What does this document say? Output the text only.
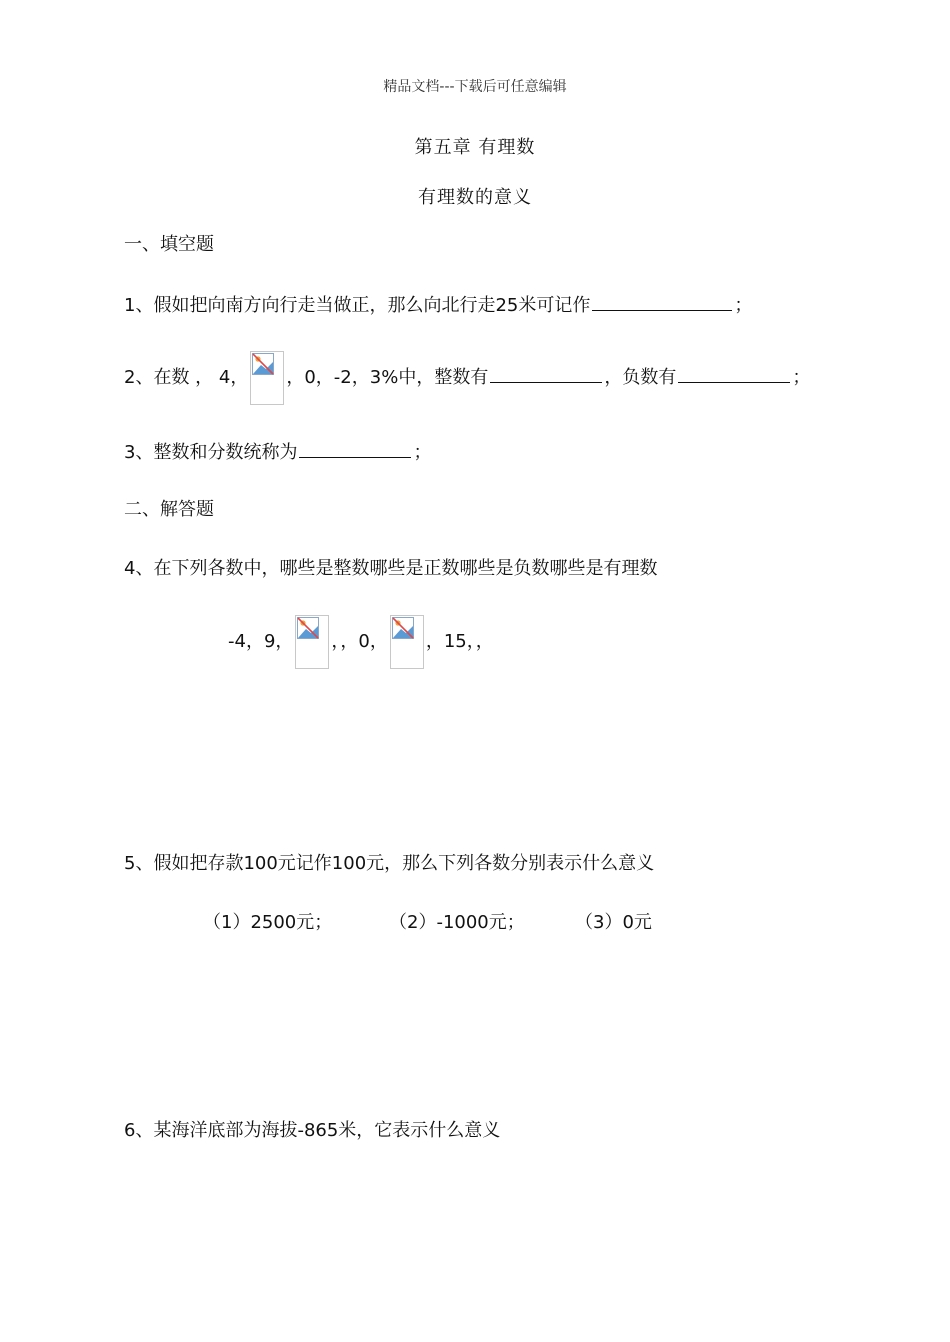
精品文档---下载后可任意编辑
第五章 有理数
有理数的意义
一、填空题
1、假如把向南方向行走当做正，那么向北行走25米可记作	；
2、在数 ， 4， ，0，-2，3%中，整数有	，负数有	；
3、整数和分数统称为	；
二、解答题
4、在下列各数中，哪些是整数哪些是正数哪些是负数哪些是有理数
-4，9， ，，0， ，15，，
5、假如把存款100元记作100元，那么下列各数分别表示什么意义
（1）2500元；	（2）-1000元；	（3）0元
6、某海洋底部为海拔-865米，它表示什么意义
